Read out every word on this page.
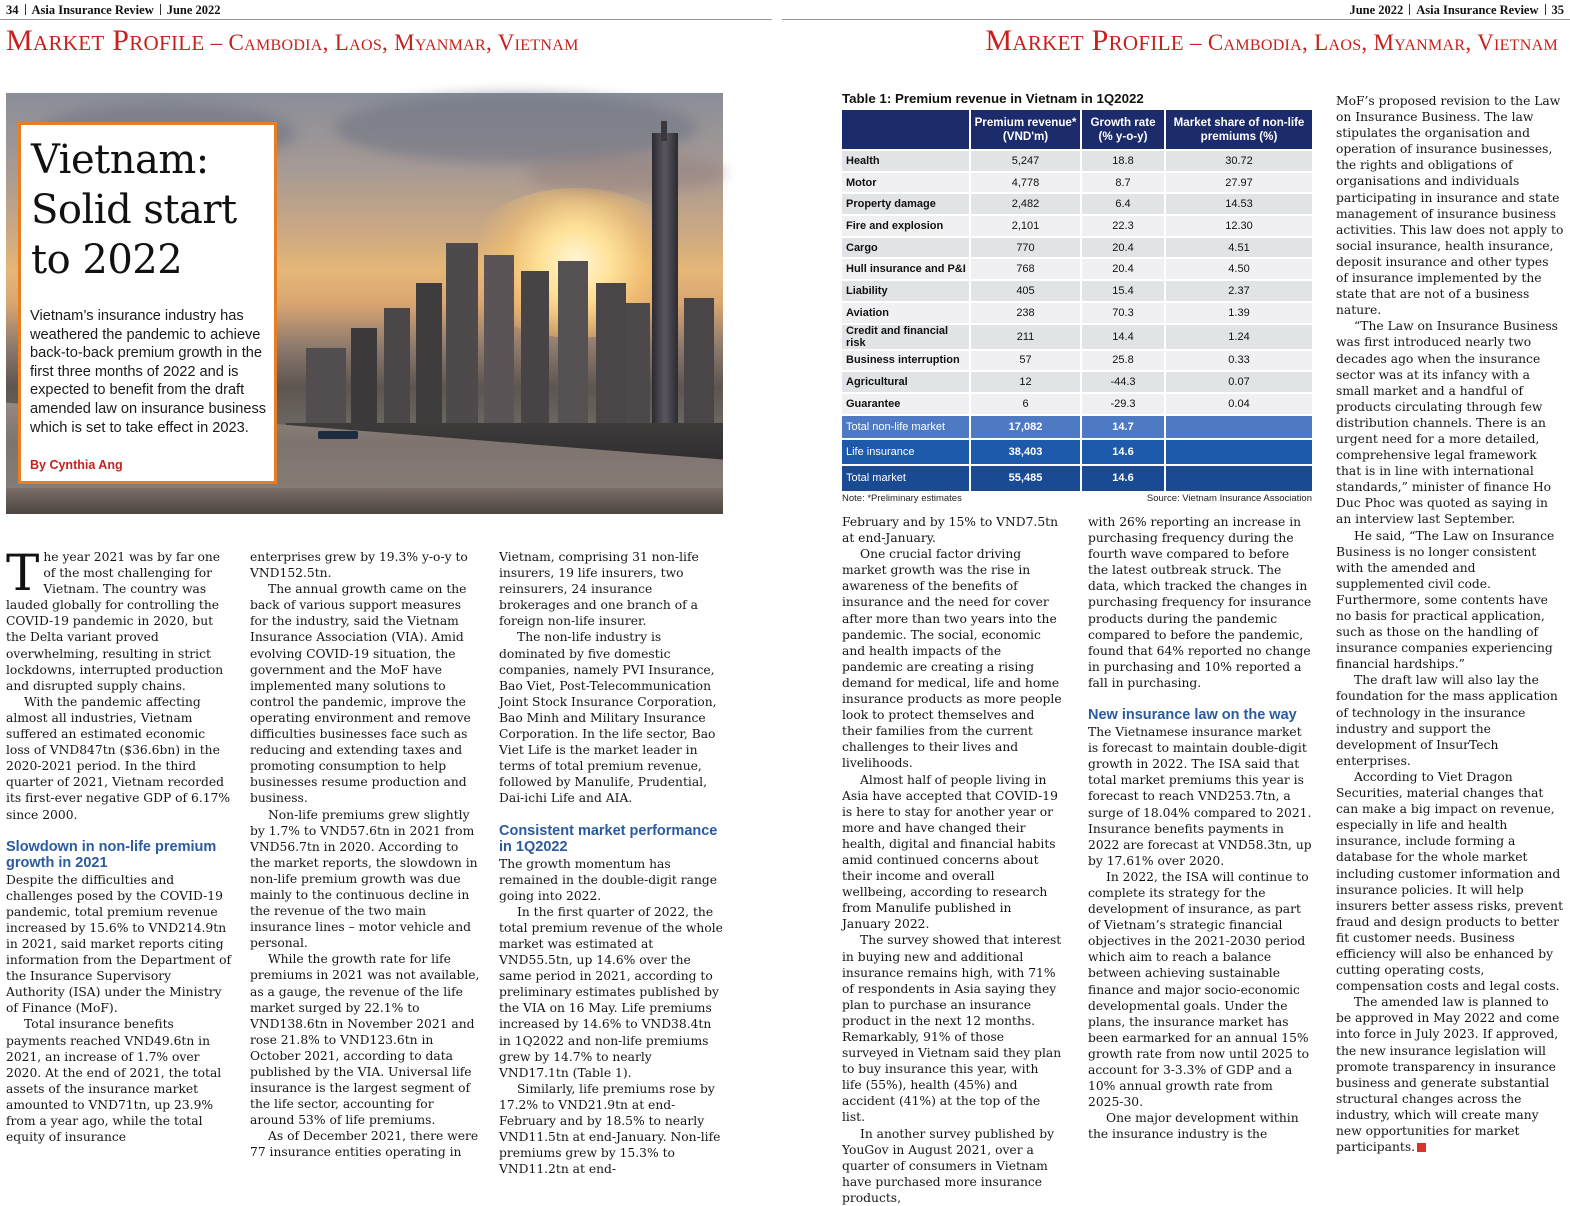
34 Asia Insurance Review June 2022	June 2022 Asia Insurance Review 35
Market Profile – Cambodia, Laos, Myanmar, Vietnam	Market Profile – Cambodia, Laos, Myanmar, Vietnam
Vietnam:
Solid start
to 2022
Vietnam’s insurance industry has weathered the pandemic to achieve back-to-back premium growth in the first three months of 2022 and is expected to benefit from the draft amended law on insurance business which is set to take effect in 2023.
By Cynthia Ang

The year 2021 was by far one of the most challenging for Vietnam. The country was lauded globally for controlling the COVID-19 pandemic in 2020, but the Delta variant proved overwhelming, resulting in strict lockdowns, interrupted production and disrupted supply chains.

With the pandemic affecting almost all industries, Vietnam suffered an estimated economic loss of VND847tn ($36.6bn) in the 2020-2021 period. In the third quarter of 2021, Vietnam recorded its first-ever negative GDP of 6.17% since 2000.

Slowdown in non-life premium growth in 2021

Despite the difficulties and challenges posed by the COVID-19 pandemic, total premium revenue increased by 15.6% to VND214.9tn in 2021, said market reports citing information from the Department of the Insurance Supervisory Authority (ISA) under the Ministry of Finance (MoF).

Total insurance benefits payments reached VND49.6tn in 2021, an increase of 1.7% over 2020. At the end of 2021, the total assets of the insurance market amounted to VND71tn, up 23.9% from a year ago, while the total equity of insurance

enterprises grew by 19.3% y-o-y to VND152.5tn.

The annual growth came on the back of various support measures for the industry, said the Vietnam Insurance Association (VIA). Amid evolving COVID-19 situation, the government and the MoF have implemented many solutions to control the pandemic, improve the operating environment and remove difficulties businesses face such as reducing and extending taxes and promoting consumption to help businesses resume production and business.

Non-life premiums grew slightly by 1.7% to VND57.6tn in 2021 from VND56.7tn in 2020. According to the market reports, the slowdown in non-life premium growth was due mainly to the continuous decline in the revenue of the two main insurance lines – motor vehicle and personal.

While the growth rate for life premiums in 2021 was not available, as a gauge, the revenue of the life market surged by 22.1% to VND138.6tn in November 2021 and rose 21.8% to VND123.6tn in October 2021, according to data published by the VIA. Universal life insurance is the largest segment of the life sector, accounting for around 53% of life premiums.

As of December 2021, there were 77 insurance entities operating in

Vietnam, comprising 31 non-life insurers, 19 life insurers, two reinsurers, 24 insurance brokerages and one branch of a foreign non-life insurer.

The non-life industry is dominated by five domestic companies, namely PVI Insurance, Bao Viet, Post-Telecommunication Joint Stock Insurance Corporation, Bao Minh and Military Insurance Corporation. In the life sector, Bao Viet Life is the market leader in terms of total premium revenue, followed by Manulife, Prudential, Dai-ichi Life and AIA.

Consistent market performance in 1Q2022

The growth momentum has remained in the double-digit range going into 2022.

In the first quarter of 2022, the total premium revenue of the whole market was estimated at VND55.5tn, up 14.6% over the same period in 2021, according to preliminary estimates published by the VIA on 16 May. Life premiums increased by 14.6% to VND38.4tn in 1Q2022 and non-life premiums grew by 14.7% to nearly VND17.1tn (Table 1).

Similarly, life premiums rose by 17.2% to VND21.9tn at end-February and by 18.5% to nearly VND11.5tn at end-January. Non-life premiums grew by 15.3% to VND11.2tn at end-

Table 1: Premium revenue in Vietnam in 1Q2022
	Premium revenue* (VND'm)	Growth rate (% y-o-y)	Market share of non-life premiums (%)
Health	5,247	18.8	30.72
Motor	4,778	8.7	27.97
Property damage	2,482	6.4	14.53
Fire and explosion	2,101	22.3	12.30
Cargo	770	20.4	4.51
Hull insurance and P&I	768	20.4	4.50
Liability	405	15.4	2.37
Aviation	238	70.3	1.39
Credit and financial risk	211	14.4	1.24
Business interruption	57	25.8	0.33
Agricultural	12	-44.3	0.07
Guarantee	6	-29.3	0.04
Total non-life market	17,082	14.7	
Life insurance	38,403	14.6	
Total market	55,485	14.6	
Note: *Preliminary estimates	Source: Vietnam Insurance Association

February and by 15% to VND7.5tn at end-January.

One crucial factor driving market growth was the rise in awareness of the benefits of insurance and the need for cover after more than two years into the pandemic. The social, economic and health impacts of the pandemic are creating a rising demand for medical, life and home insurance products as more people look to protect themselves and their families from the current challenges to their lives and livelihoods.

Almost half of people living in Asia have accepted that COVID-19 is here to stay for another year or more and have changed their health, digital and financial habits amid continued concerns about their income and overall wellbeing, according to research from Manulife published in January 2022.

The survey showed that interest in buying new and additional insurance remains high, with 71% of respondents in Asia saying they plan to purchase an insurance product in the next 12 months. Remarkably, 91% of those surveyed in Vietnam said they plan to buy insurance this year, with life (55%), health (45%) and accident (41%) at the top of the list.

In another survey published by YouGov in August 2021, over a quarter of consumers in Vietnam have purchased more insurance products,

with 26% reporting an increase in purchasing frequency during the fourth wave compared to before the latest outbreak struck. The data, which tracked the changes in purchasing frequency for insurance products during the pandemic compared to before the pandemic, found that 64% reported no change in purchasing and 10% reported a fall in purchasing.

New insurance law on the way

The Vietnamese insurance market is forecast to maintain double-digit growth in 2022. The ISA said that total market premiums this year is forecast to reach VND253.7tn, a surge of 18.04% compared to 2021. Insurance benefits payments in 2022 are forecast at VND58.3tn, up by 17.61% over 2020.

In 2022, the ISA will continue to complete its strategy for the development of insurance, as part of Vietnam’s strategic financial objectives in the 2021-2030 period which aim to reach a balance between achieving sustainable finance and major socio-economic developmental goals. Under the plans, the insurance market has been earmarked for an annual 15% growth rate from now until 2025 to account for 3-3.3% of GDP and a 10% annual growth rate from 2025-30.

One major development within the insurance industry is the

MoF’s proposed revision to the Law on Insurance Business. The law stipulates the organisation and operation of insurance businesses, the rights and obligations of organisations and individuals participating in insurance and state management of insurance business activities. This law does not apply to social insurance, health insurance, deposit insurance and other types of insurance implemented by the state that are not of a business nature.

“The Law on Insurance Business was first introduced nearly two decades ago when the insurance sector was at its infancy with a small market and a handful of products circulating through few distribution channels. There is an urgent need for a more detailed, comprehensive legal framework that is in line with international standards,” minister of finance Ho Duc Phoc was quoted as saying in an interview last September.

He said, “The Law on Insurance Business is no longer consistent with the amended and supplemented civil code. Furthermore, some contents have no basis for practical application, such as those on the handling of insurance companies experiencing financial hardships.”

The draft law will also lay the foundation for the mass application of technology in the insurance industry and support the development of InsurTech enterprises.

According to Viet Dragon Securities, material changes that can make a big impact on revenue, especially in life and health insurance, include forming a database for the whole market including customer information and insurance policies. It will help insurers better assess risks, prevent fraud and design products to better fit customer needs. Business efficiency will also be enhanced by cutting operating costs, compensation costs and legal costs.

The amended law is planned to be approved in May 2022 and come into force in July 2023. If approved, the new insurance legislation will promote transparency in insurance business and generate substantial structural changes across the industry, which will create many new opportunities for market participants.
